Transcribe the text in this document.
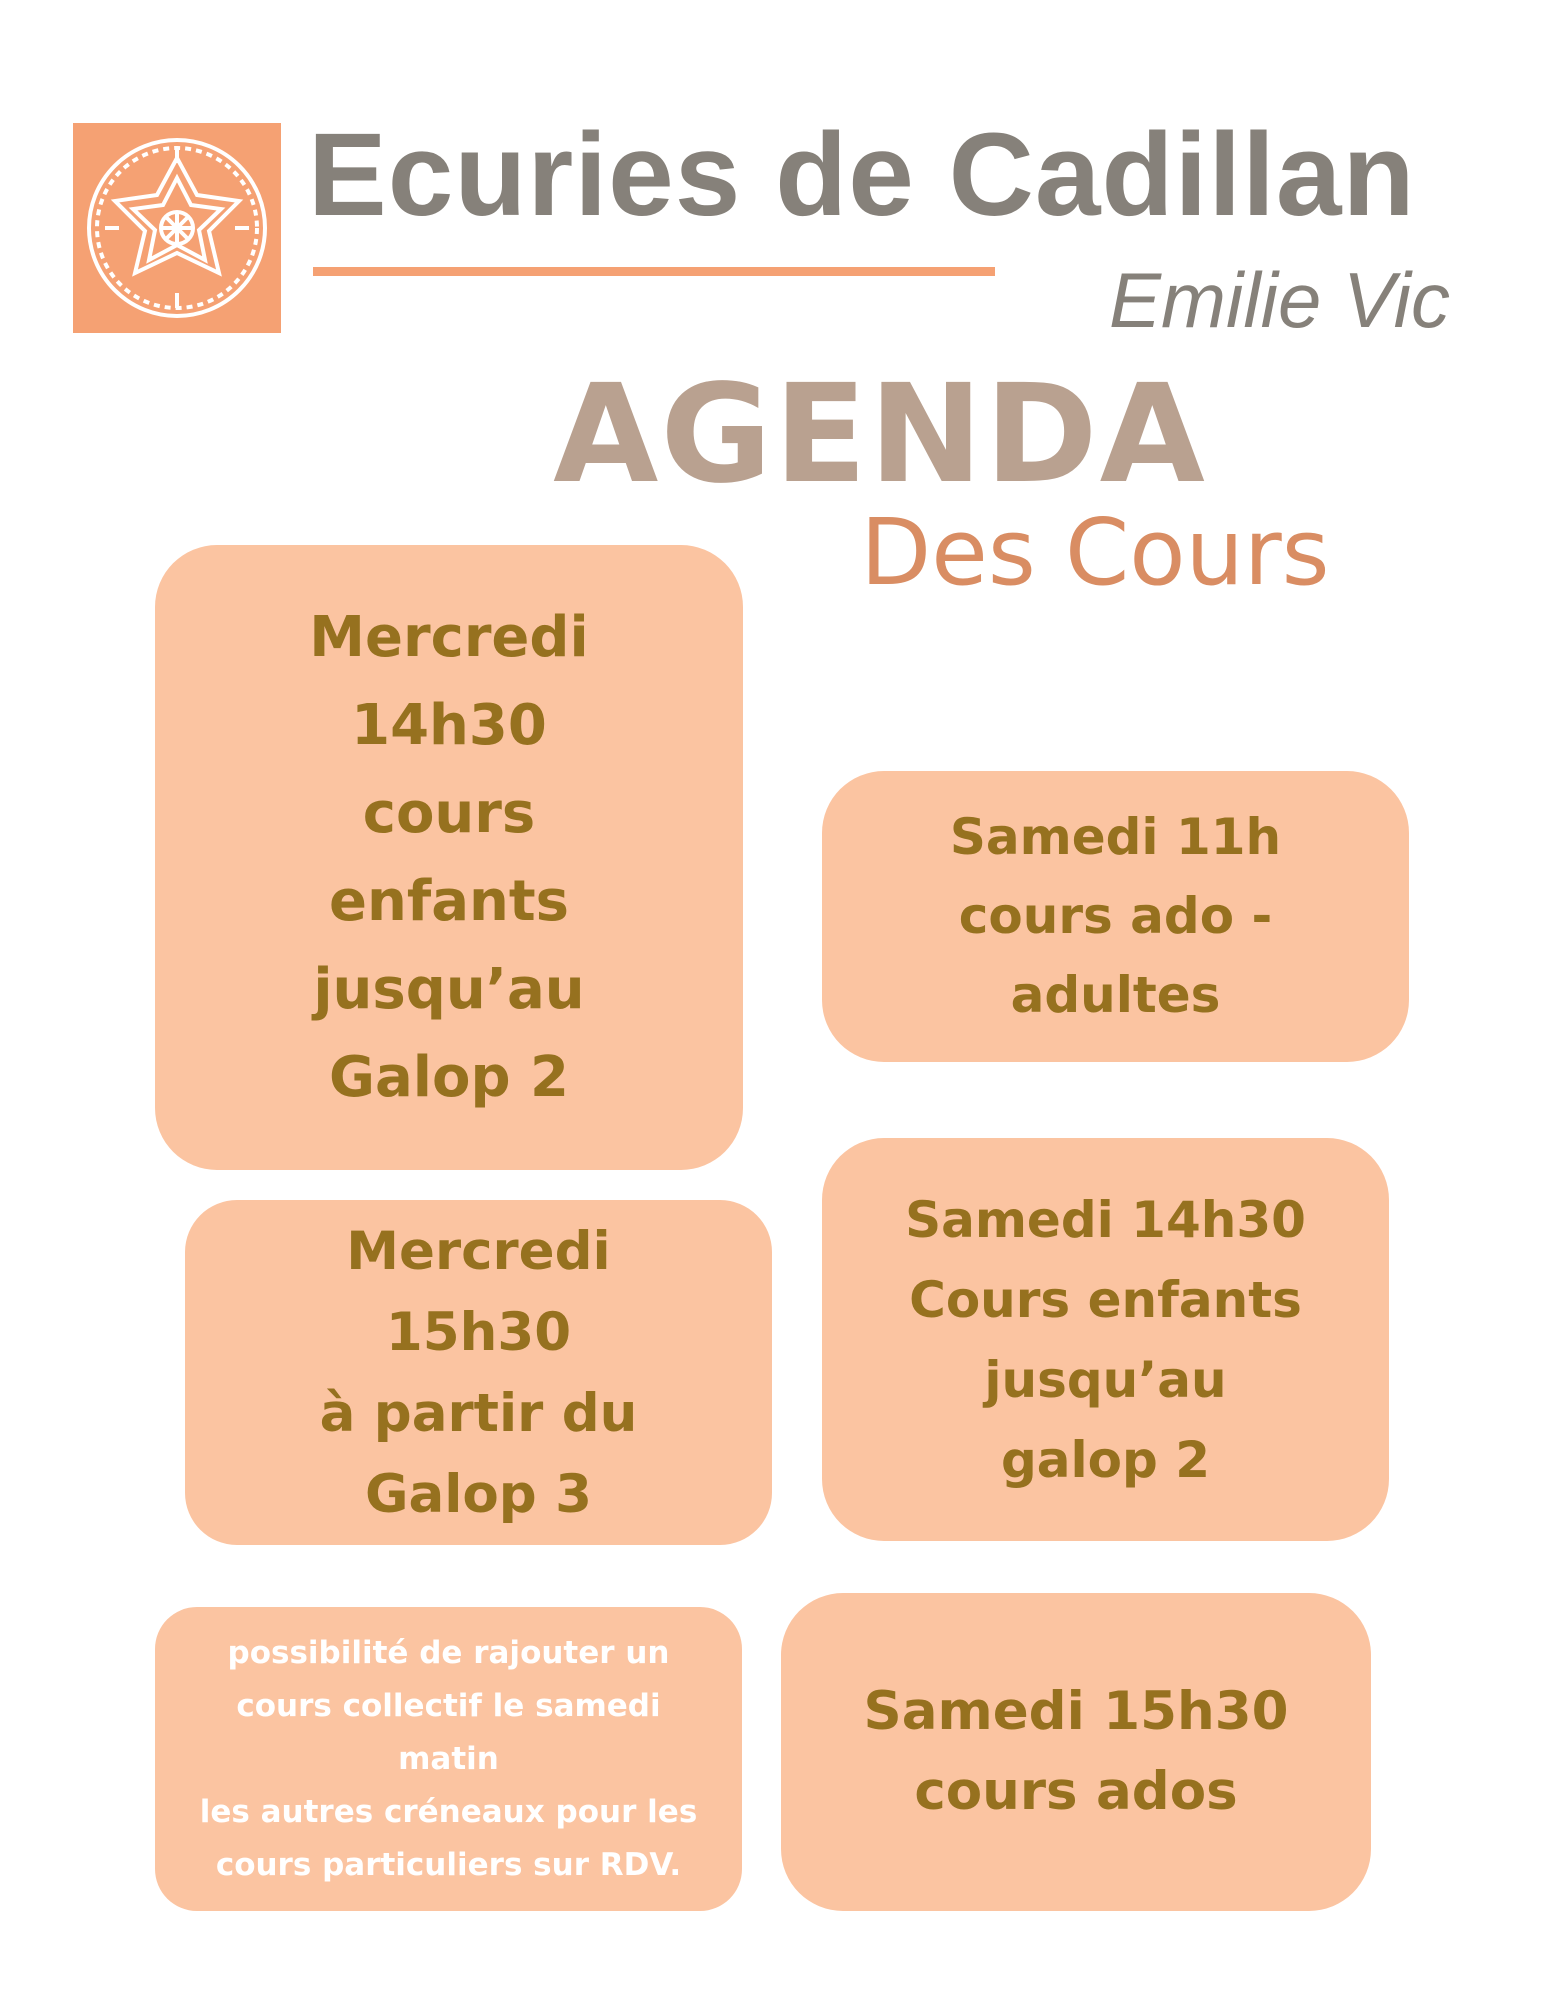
Ecuries de Cadillan
Emilie Vic
AGENDA
Des Cours
Mercredi
14h30
cours
enfants
jusqu’au
Galop 2
Samedi 11h
cours ado -
adultes
Mercredi
15h30
à partir du
Galop 3
Samedi 14h30
Cours enfants
jusqu’au
galop 2
possibilité de rajouter un
cours collectif le samedi
matin
les autres créneaux pour les
cours particuliers sur RDV.
Samedi 15h30
cours ados
